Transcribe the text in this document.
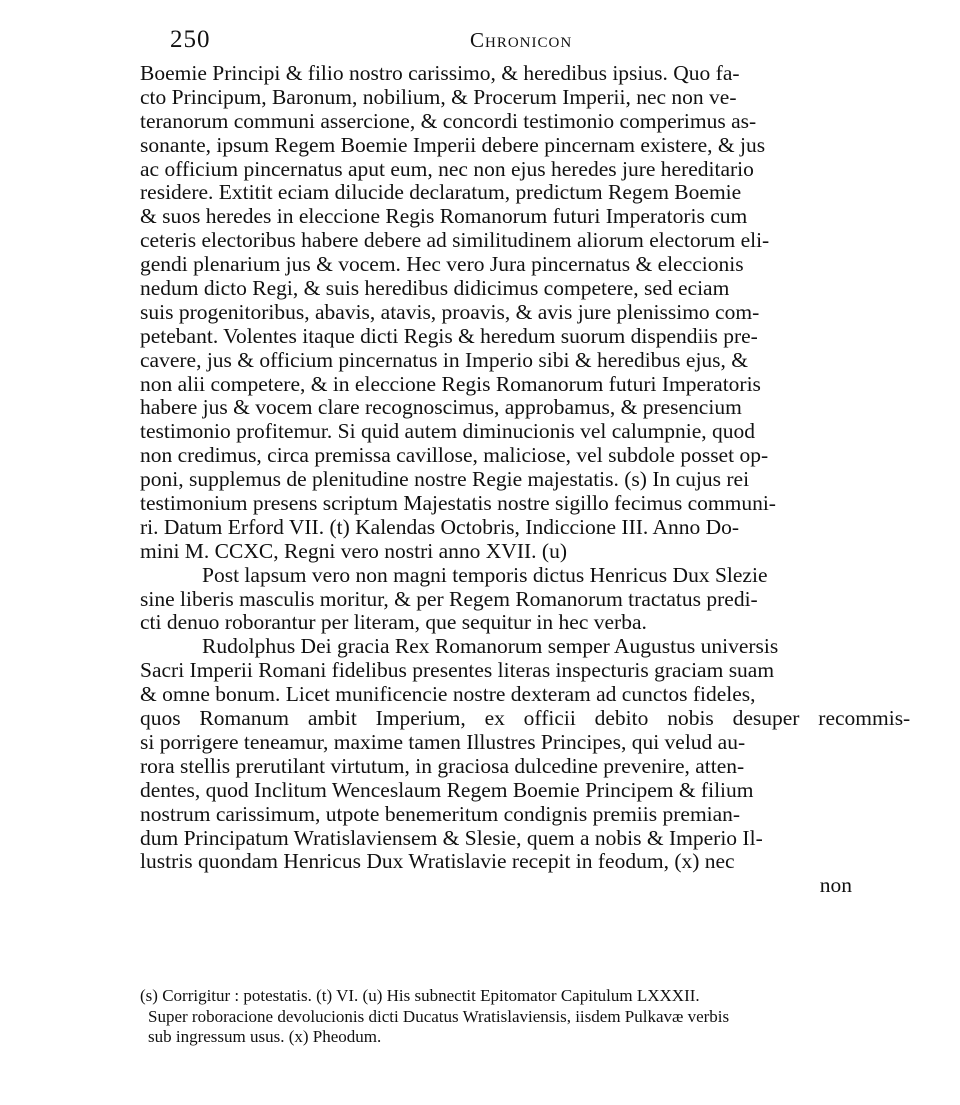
250	Chronicon
Boemie Principi & filio nostro carissimo, & heredibus ipsius. Quo fa-
cto Principum, Baronum, nobilium, & Procerum Imperii, nec non ve-
teranorum communi assercione, & concordi testimonio comperimus as-
sonante, ipsum Regem Boemie Imperii debere pincernam existere, & jus
ac officium pincernatus aput eum, nec non ejus heredes jure hereditario
residere. Extitit eciam dilucide declaratum, predictum Regem Boemie
& suos heredes in eleccione Regis Romanorum futuri Imperatoris cum
ceteris electoribus habere debere ad similitudinem aliorum electorum eli-
gendi plenarium jus & vocem. Hec vero Jura pincernatus & eleccionis
nedum dicto Regi, & suis heredibus didicimus competere, sed eciam
suis progenitoribus, abavis, atavis, proavis, & avis jure plenissimo com-
petebant. Volentes itaque dicti Regis & heredum suorum dispendiis pre-
cavere, jus & officium pincernatus in Imperio sibi & heredibus ejus, &
non alii competere, & in eleccione Regis Romanorum futuri Imperatoris
habere jus & vocem clare recognoscimus, approbamus, & presencium
testimonio profitemur. Si quid autem diminucionis vel calumpnie, quod
non credimus, circa premissa cavillose, maliciose, vel subdole posset op-
poni, supplemus de plenitudine nostre Regie majestatis. (s) In cujus rei
testimonium presens scriptum Majestatis nostre sigillo fecimus communi-
ri. Datum Erford VII. (t) Kalendas Octobris, Indiccione III. Anno Do-
mini M. CCXC, Regni vero nostri anno XVII. (u)
Post lapsum vero non magni temporis dictus Henricus Dux Slezie
sine liberis masculis moritur, & per Regem Romanorum tractatus predi-
cti denuo roborantur per literam, que sequitur in hec verba.
Rudolphus Dei gracia Rex Romanorum semper Augustus universis
Sacri Imperii Romani fidelibus presentes literas inspecturis graciam suam
& omne bonum. Licet munificencie nostre dexteram ad cunctos fideles,
quos Romanum ambit Imperium, ex officii debito nobis desuper recommis-
si porrigere teneamur, maxime tamen Illustres Principes, qui velud au-
rora stellis prerutilant virtutum, in graciosa dulcedine prevenire, atten-
dentes, quod Inclitum Wenceslaum Regem Boemie Principem & filium
nostrum carissimum, utpote benemeritum condignis premiis premian-
dum Principatum Wratislaviensem & Slesie, quem a nobis & Imperio Il-
lustris quondam Henricus Dux Wratislavie recepit in feodum, (x) nec
non
(s) Corrigitur : potestatis. (t) VI. (u) His subnectit Epitomator Capitulum LXXXII.
Super roboracione devolucionis dicti Ducatus Wratislaviensis, iisdem Pulkavæ verbis
sub ingressum usus. (x) Pheodum.
